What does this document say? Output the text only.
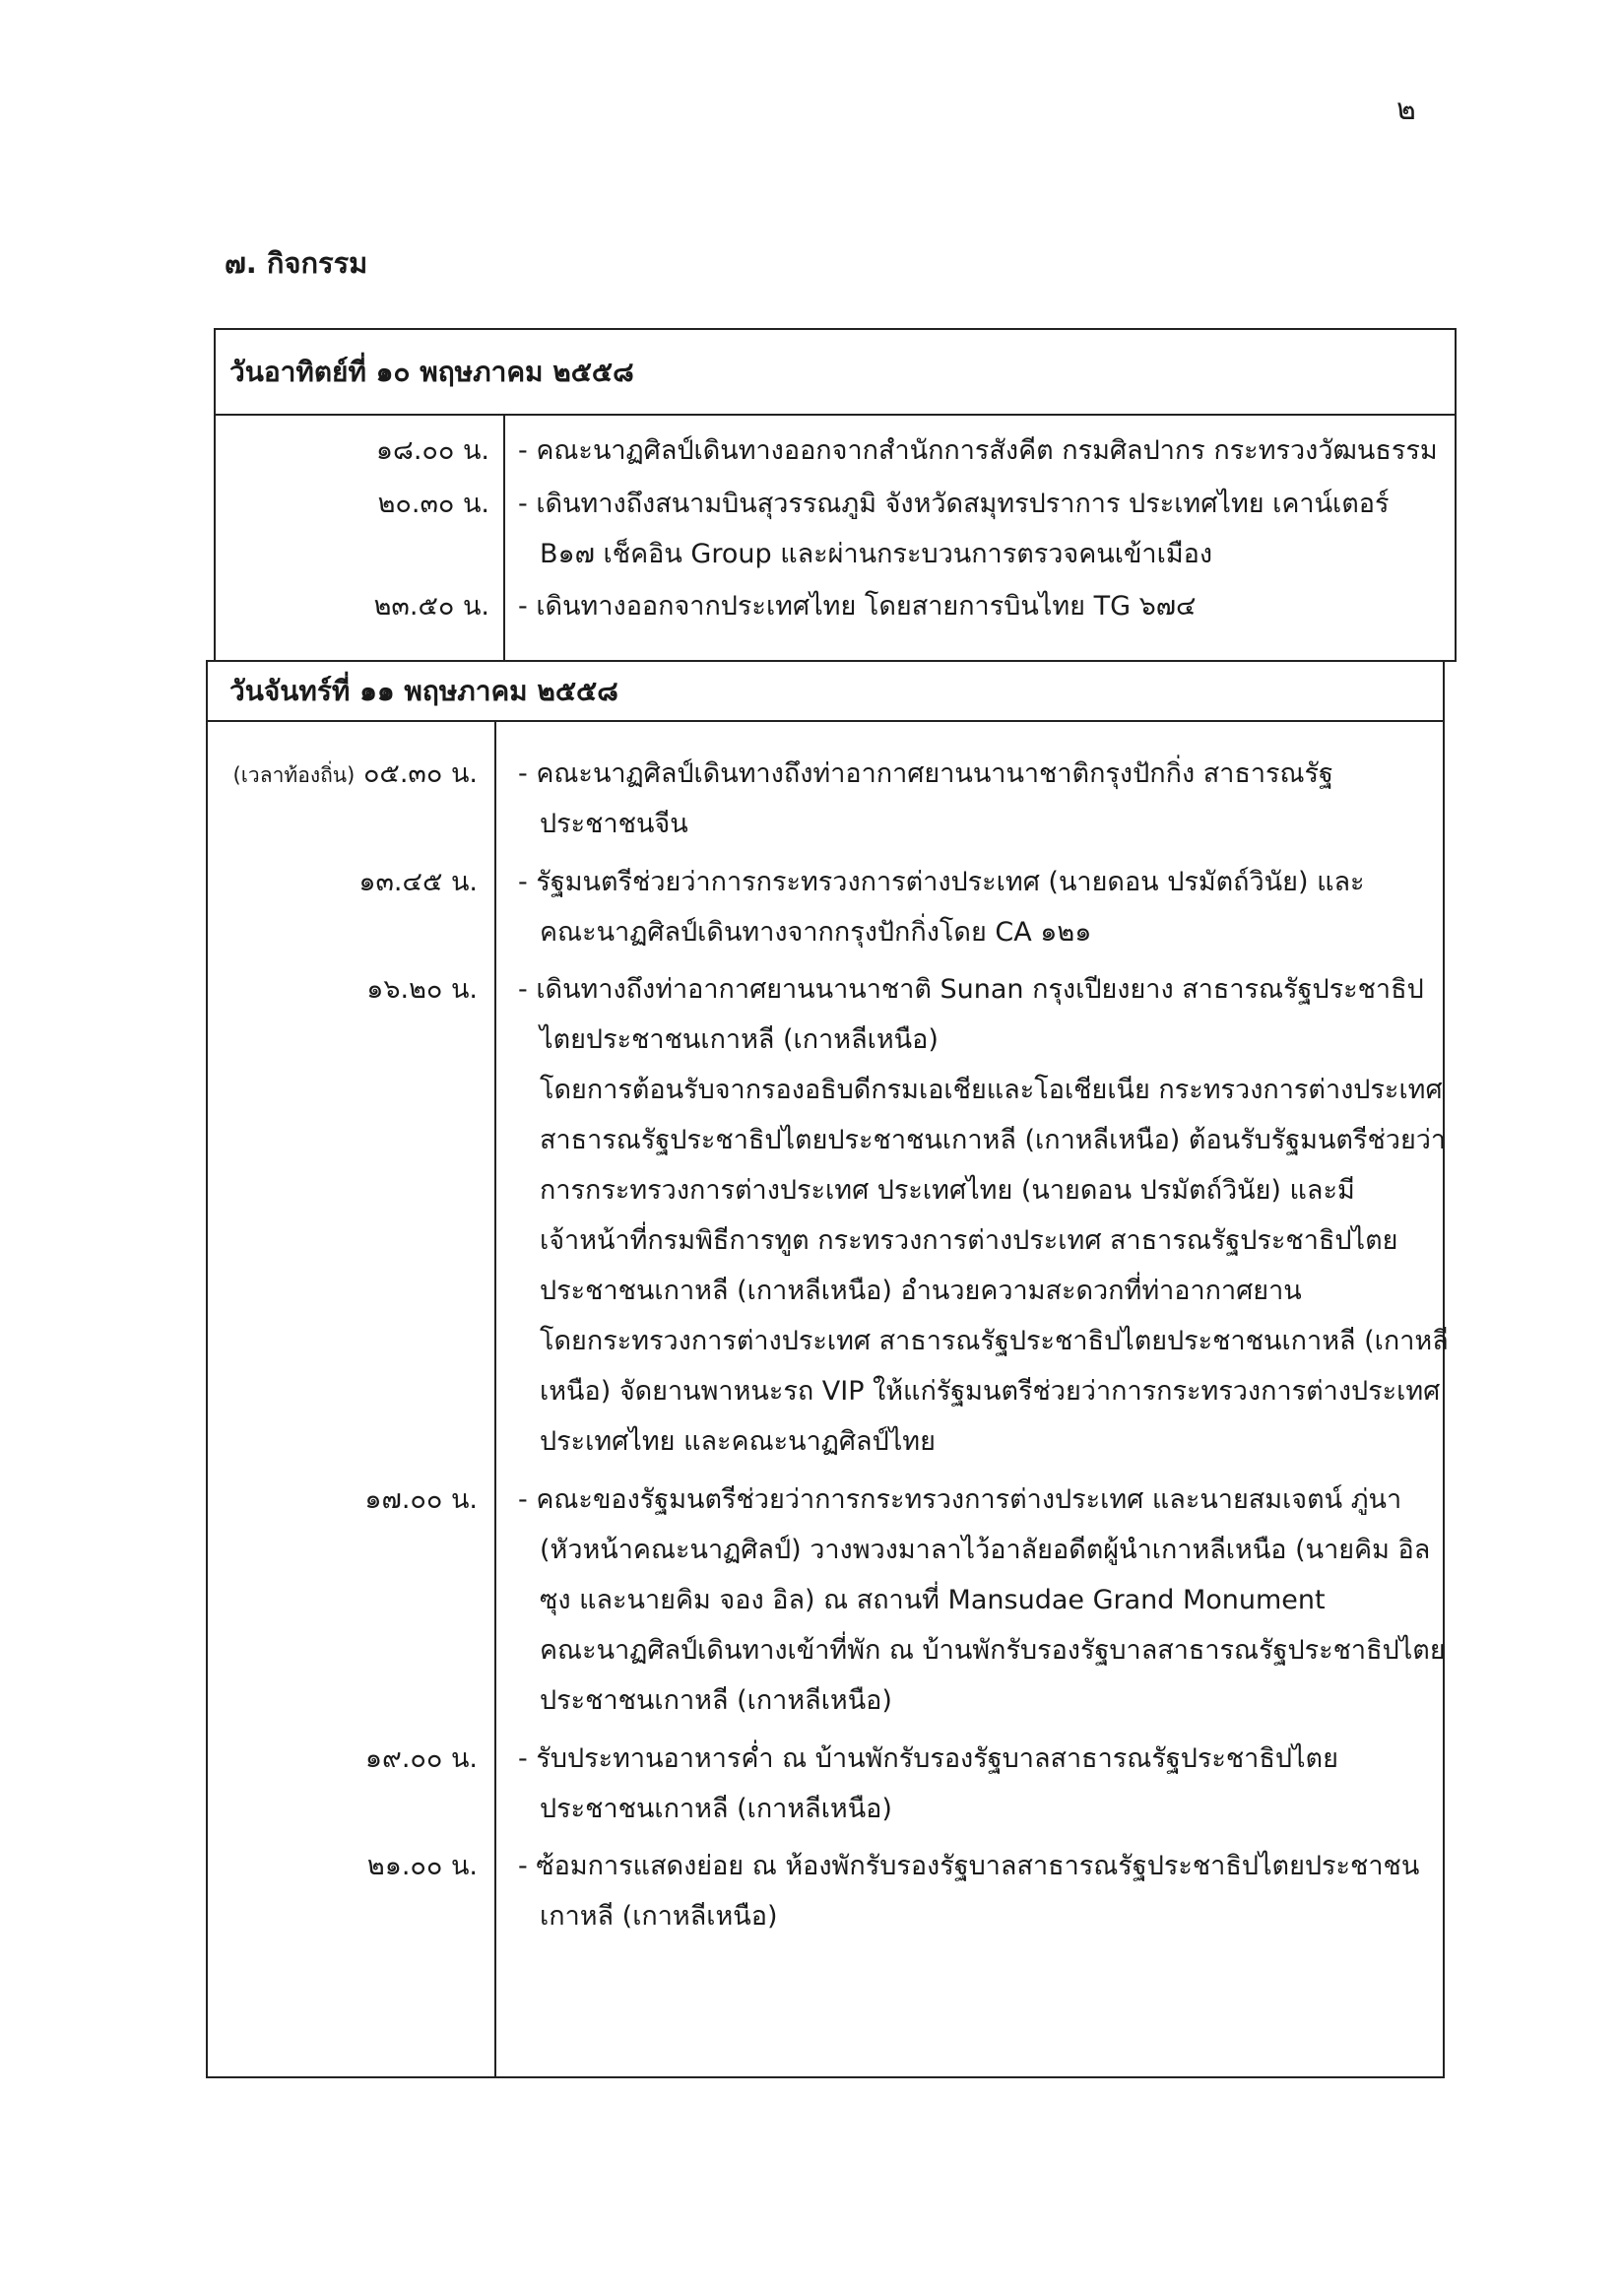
๒
๗. กิจกรรม
วันอาทิตย์ที่ ๑๐ พฤษภาคม ๒๕๕๘
๑๘.๐๐ น. - คณะนาฏศิลป์เดินทางออกจากสำนักการสังคีต กรมศิลปากร กระทรวงวัฒนธรรม
๒๐.๓๐ น. - เดินทางถึงสนามบินสุวรรณภูมิ จังหวัดสมุทรปราการ ประเทศไทย เคาน์เตอร์
B๑๗ เช็คอิน Group และผ่านกระบวนการตรวจคนเข้าเมือง
๒๓.๕๐ น. - เดินทางออกจากประเทศไทย โดยสายการบินไทย TG ๖๗๔
วันจันทร์ที่ ๑๑ พฤษภาคม ๒๕๕๘
(เวลาท้องถิ่น) ๐๕.๓๐ น. - คณะนาฏศิลป์เดินทางถึงท่าอากาศยานนานาชาติกรุงปักกิ่ง สาธารณรัฐ
ประชาชนจีน
๑๓.๔๕ น. - รัฐมนตรีช่วยว่าการกระทรวงการต่างประเทศ (นายดอน ปรมัตถ์วินัย) และ
คณะนาฏศิลป์เดินทางจากกรุงปักกิ่งโดย CA ๑๒๑
๑๖.๒๐ น. - เดินทางถึงท่าอากาศยานนานาชาติ Sunan กรุงเปียงยาง สาธารณรัฐประชาธิป
ไตยประชาชนเกาหลี (เกาหลีเหนือ)
โดยการต้อนรับจากรองอธิบดีกรมเอเชียและโอเชียเนีย กระทรวงการต่างประเทศ
สาธารณรัฐประชาธิปไตยประชาชนเกาหลี (เกาหลีเหนือ) ต้อนรับรัฐมนตรีช่วยว่า
การกระทรวงการต่างประเทศ ประเทศไทย (นายดอน ปรมัตถ์วินัย) และมี
เจ้าหน้าที่กรมพิธีการทูต กระทรวงการต่างประเทศ สาธารณรัฐประชาธิปไตย
ประชาชนเกาหลี (เกาหลีเหนือ) อำนวยความสะดวกที่ท่าอากาศยาน
โดยกระทรวงการต่างประเทศ สาธารณรัฐประชาธิปไตยประชาชนเกาหลี (เกาหลี
เหนือ) จัดยานพาหนะรถ VIP ให้แก่รัฐมนตรีช่วยว่าการกระทรวงการต่างประเทศ
ประเทศไทย และคณะนาฏศิลป์ไทย
๑๗.๐๐ น. - คณะของรัฐมนตรีช่วยว่าการกระทรวงการต่างประเทศ และนายสมเจตน์ ภู่นา
(หัวหน้าคณะนาฏศิลป์) วางพวงมาลาไว้อาลัยอดีตผู้นำเกาหลีเหนือ (นายคิม อิล
ซุง และนายคิม จอง อิล) ณ สถานที่ Mansudae Grand Monument
คณะนาฏศิลป์เดินทางเข้าที่พัก ณ บ้านพักรับรองรัฐบาลสาธารณรัฐประชาธิปไตย
ประชาชนเกาหลี (เกาหลีเหนือ)
๑๙.๐๐ น. - รับประทานอาหารค่ำ ณ บ้านพักรับรองรัฐบาลสาธารณรัฐประชาธิปไตย
ประชาชนเกาหลี (เกาหลีเหนือ)
๒๑.๐๐ น. - ซ้อมการแสดงย่อย ณ ห้องพักรับรองรัฐบาลสาธารณรัฐประชาธิปไตยประชาชน
เกาหลี (เกาหลีเหนือ)
